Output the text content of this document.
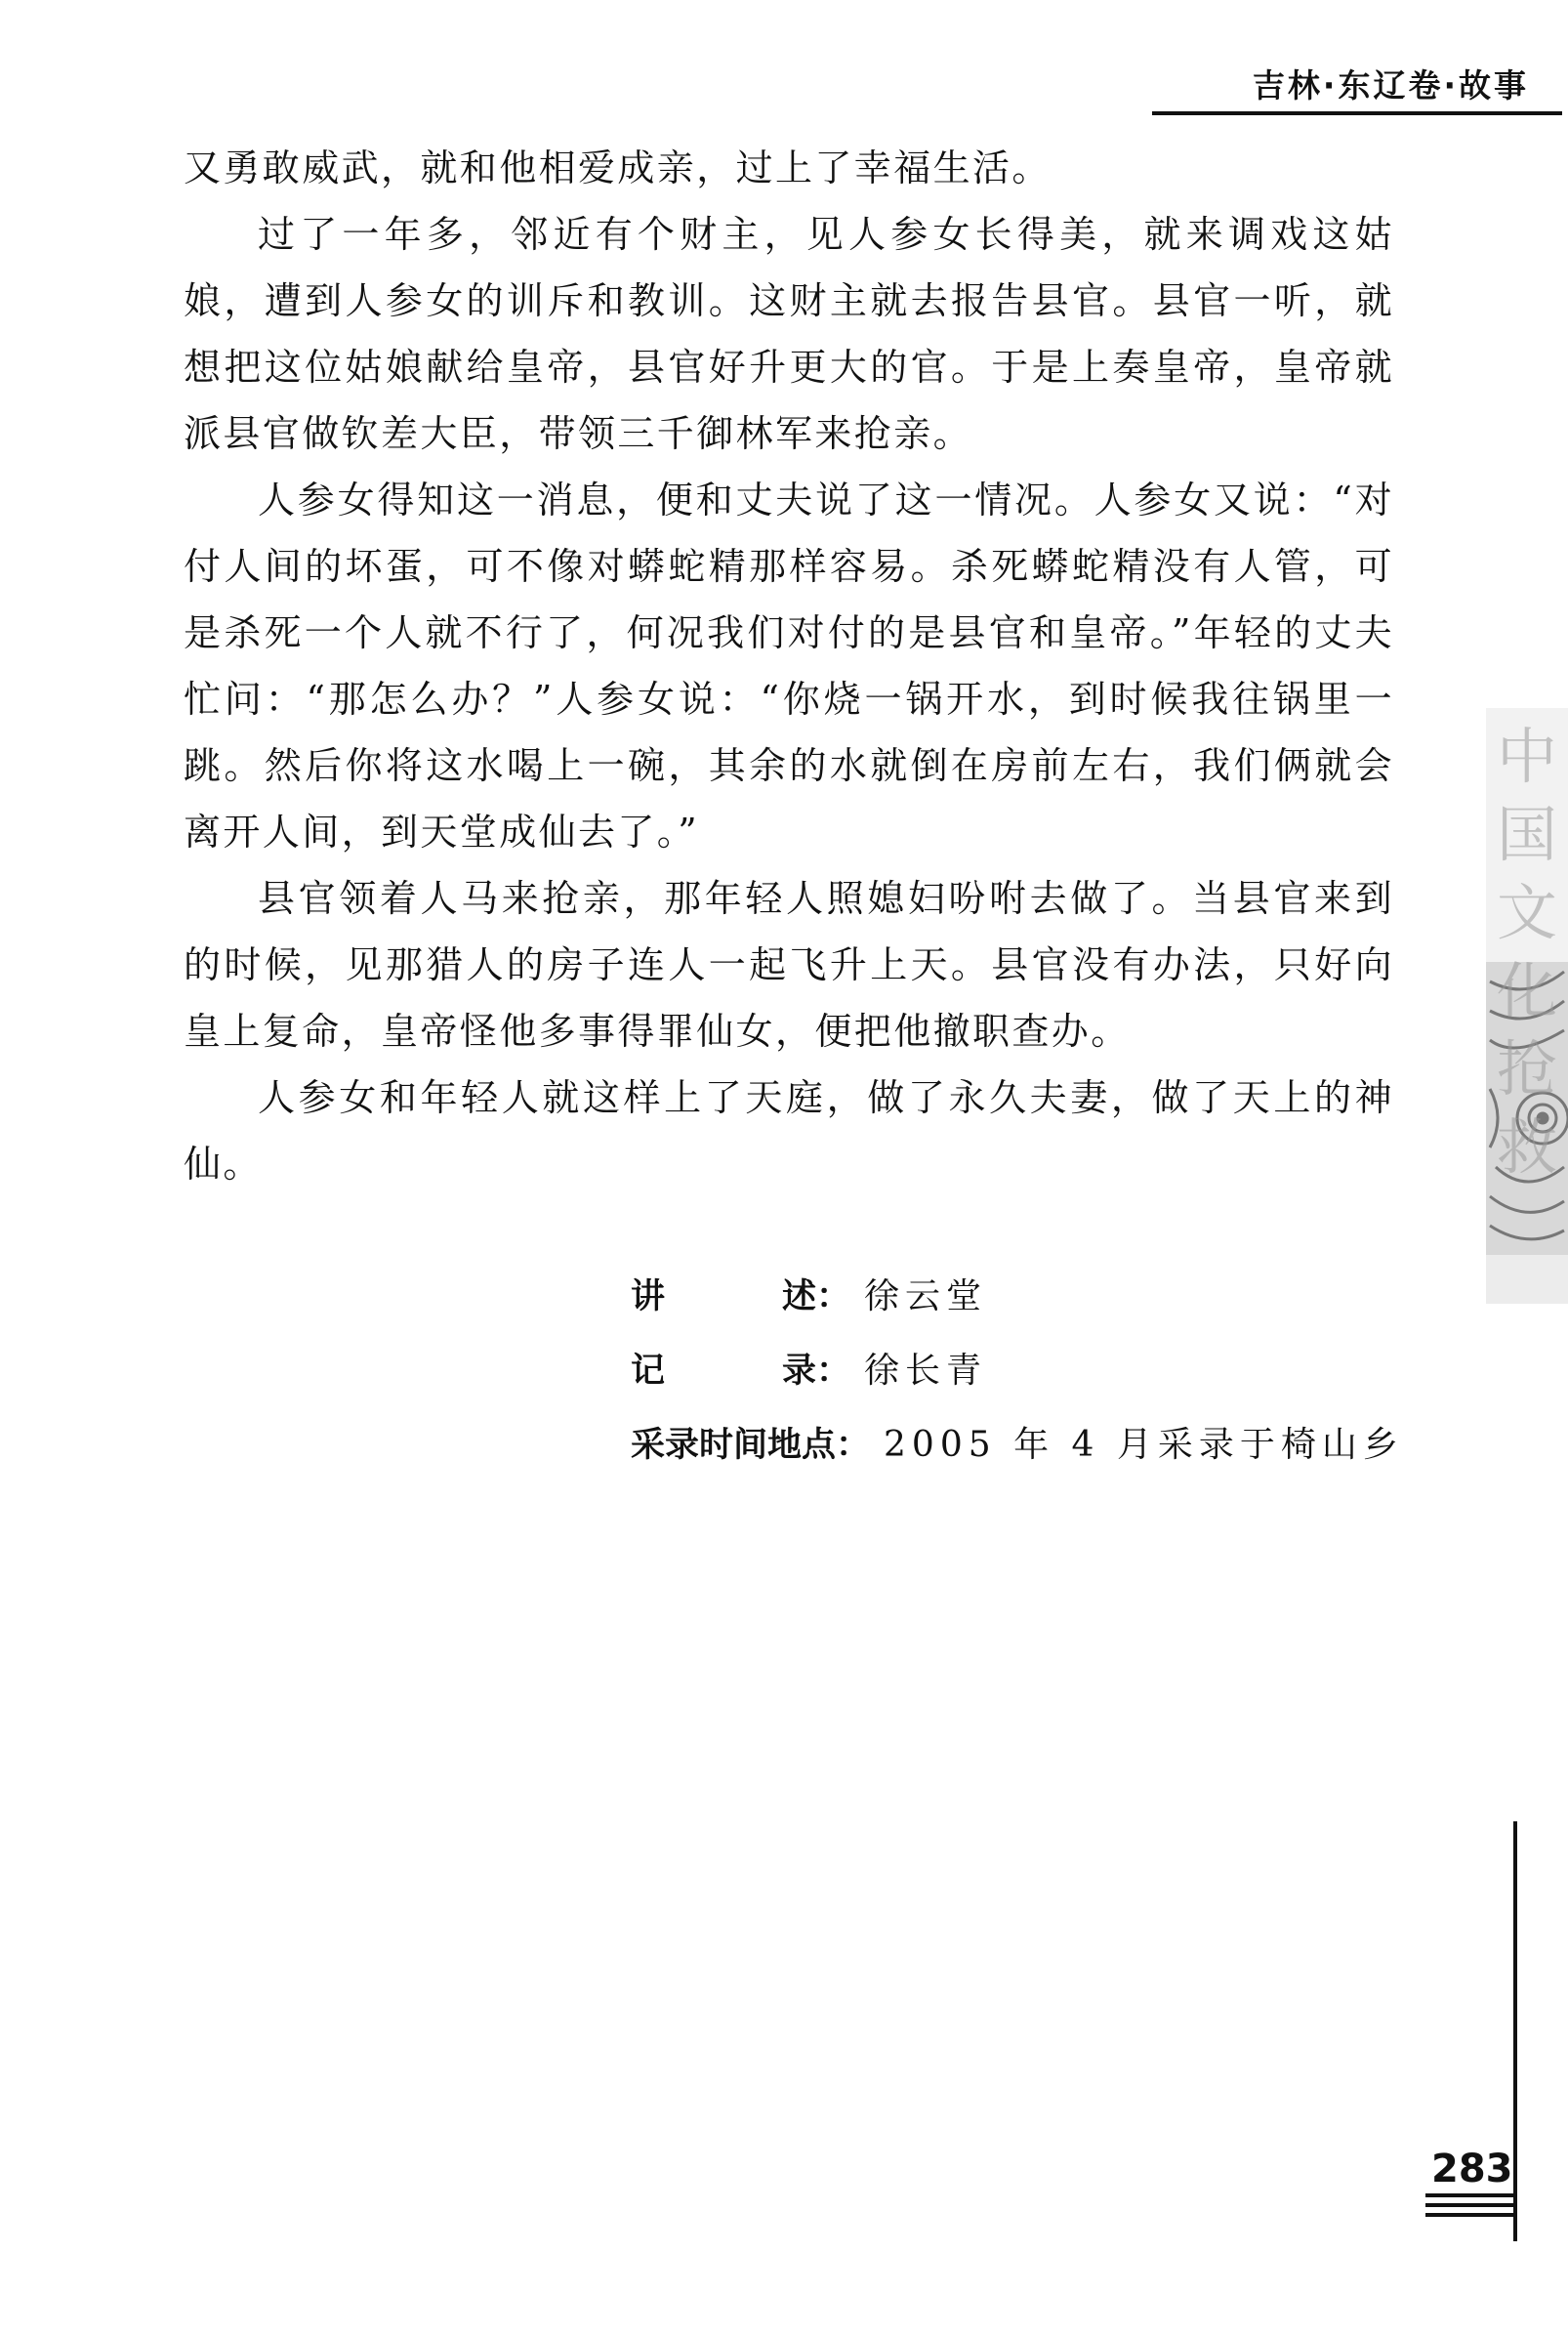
吉林·东辽卷·故事

又勇敢威武，就和他相爱成亲，过上了幸福生活。

过了一年多，邻近有个财主，见人参女长得美，就来调戏这姑娘，遭到人参女的训斥和教训。这财主就去报告县官。县官一听，就想把这位姑娘献给皇帝，县官好升更大的官。于是上奏皇帝，皇帝就派县官做钦差大臣，带领三千御林军来抢亲。

人参女得知这一消息，便和丈夫说了这一情况。人参女又说：“对付人间的坏蛋，可不像对蟒蛇精那样容易。杀死蟒蛇精没有人管，可是杀死一个人就不行了，何况我们对付的是县官和皇帝。”年轻的丈夫忙问：“那怎么办？”人参女说：“你烧一锅开水，到时候我往锅里一跳。然后你将这水喝上一碗，其余的水就倒在房前左右，我们俩就会离开人间，到天堂成仙去了。”

县官领着人马来抢亲，那年轻人照媳妇吩咐去做了。当县官来到的时候，见那猎人的房子连人一起飞升上天。县官没有办法，只好向皇上复命，皇帝怪他多事得罪仙女，便把他撤职查办。

人参女和年轻人就这样上了天庭，做了永久夫妻，做了天上的神仙。

讲	述 ： 徐云堂
记	录 ： 徐长青
采录时间地点 ： 2005 年 4 月采录于椅山乡
中国
文化
抢救
283
